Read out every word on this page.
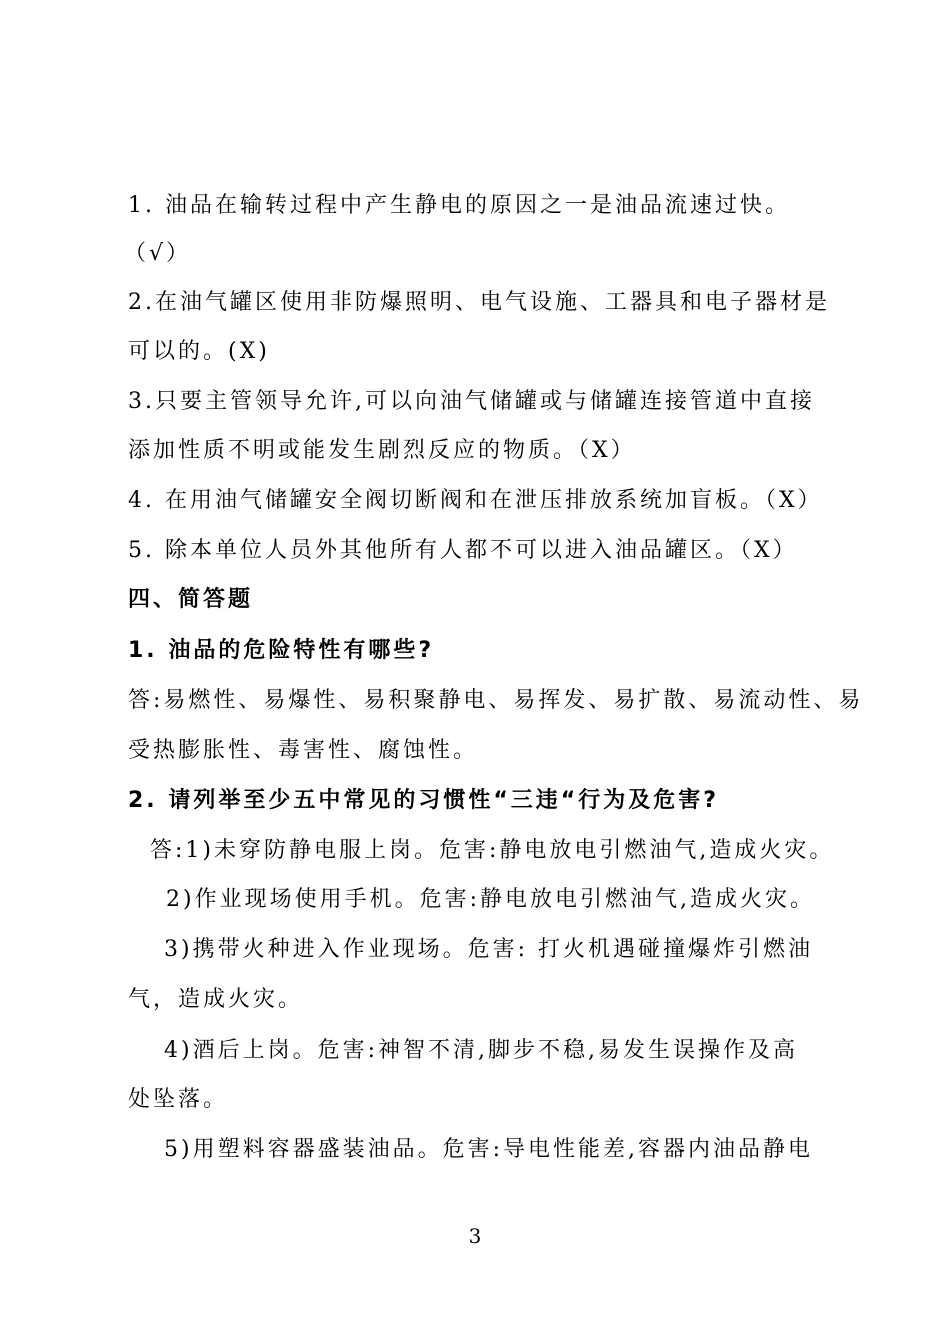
1. 油品在输转过程中产生静电的原因之一是油品流速过快。
（√）
2.在油气罐区使用非防爆照明、电气设施、工器具和电子器材是
可以的。(X)
3.只要主管领导允许,可以向油气储罐或与储罐连接管道中直接
添加性质不明或能发生剧烈反应的物质。（X）
4. 在用油气储罐安全阀切断阀和在泄压排放系统加盲板。（X）
5. 除本单位人员外其他所有人都不可以进入油品罐区。（X）
四、简答题
1. 油品的危险特性有哪些?
答:易燃性、易爆性、易积聚静电、易挥发、易扩散、易流动性、易
受热膨胀性、毒害性、腐蚀性。
2. 请列举至少五中常见的习惯性“三违“行为及危害?
答:1)未穿防静电服上岗。危害:静电放电引燃油气,造成火灾。
2)作业现场使用手机。危害:静电放电引燃油气,造成火灾。
3)携带火种进入作业现场。危害: 打火机遇碰撞爆炸引燃油
气，造成火灾。
4)酒后上岗。危害:神智不清,脚步不稳,易发生误操作及高
处坠落。
5)用塑料容器盛装油品。危害:导电性能差,容器内油品静电
3
